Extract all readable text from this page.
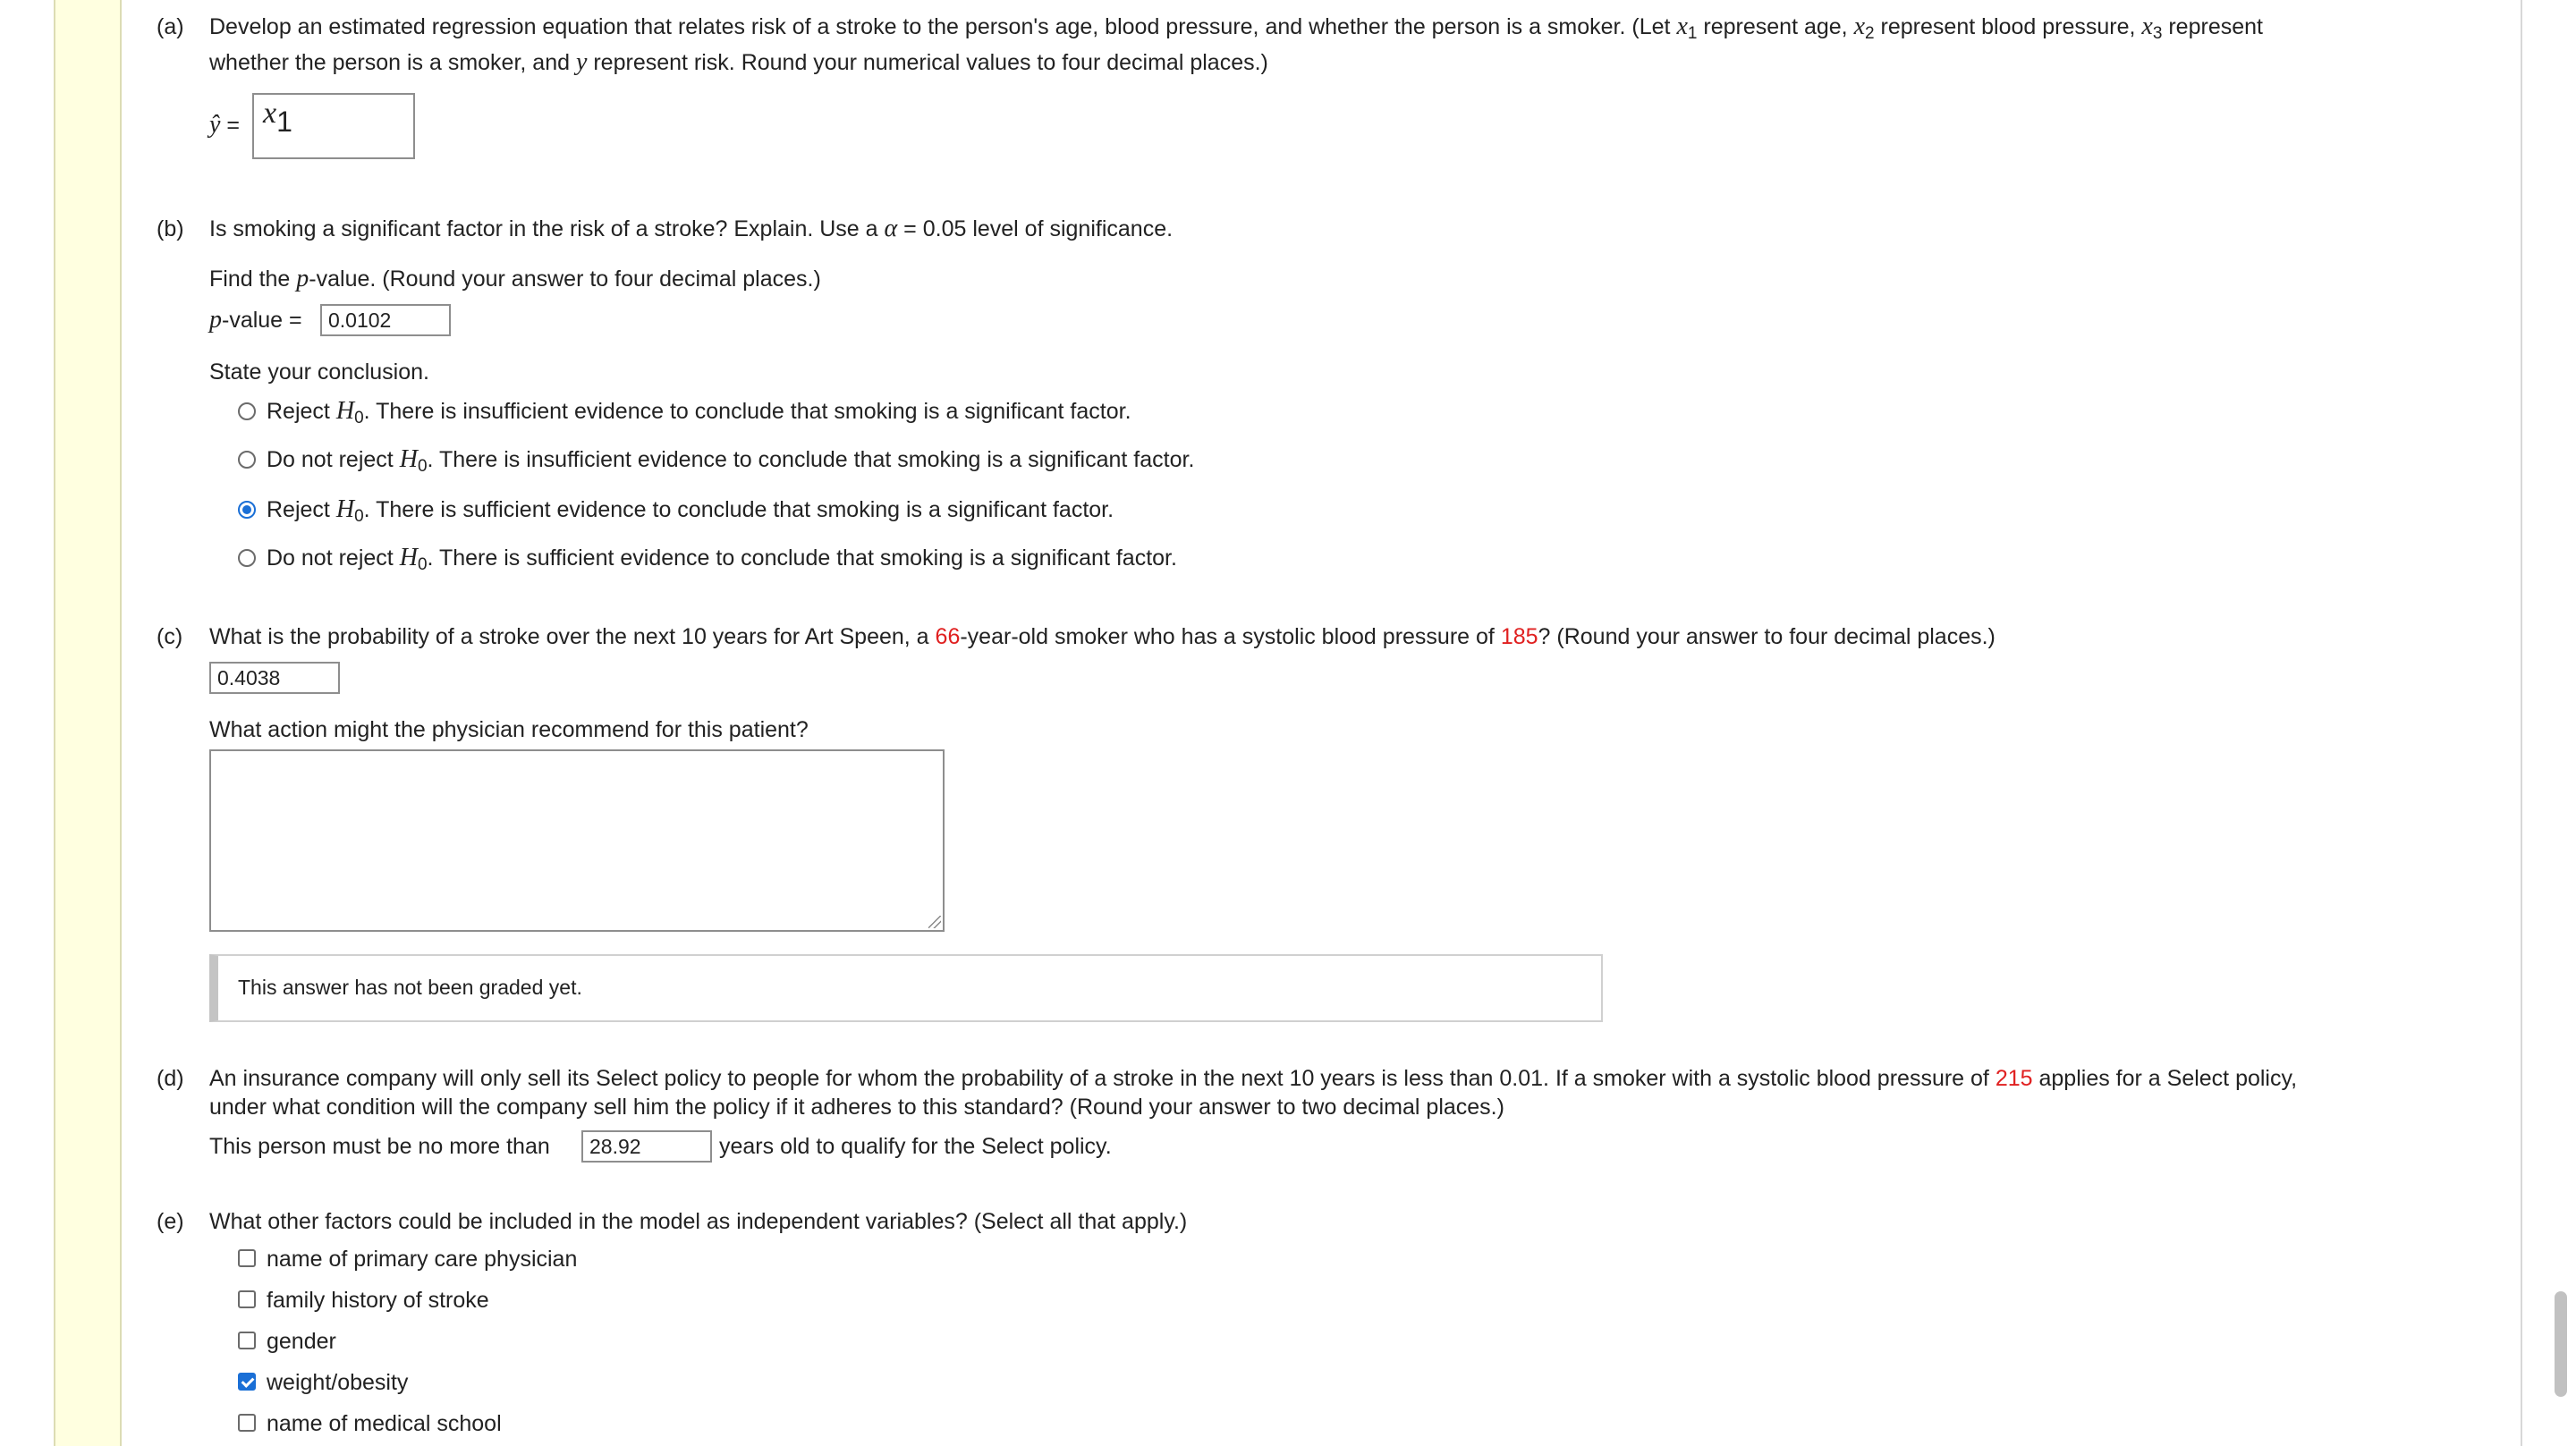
(a) Develop an estimated regression equation that relates risk of a stroke to the person's age, blood pressure, and whether the person is a smoker. (Let $x_1$ represent age, $x_2$ represent blood pressure, $x_3$ represent
whether the person is a smoker, and y represent risk. Round your numerical values to four decimal places.)
ŷ = x1
(b) Is smoking a significant factor in the risk of a stroke? Explain. Use a α = 0.05 level of significance.
Find the p-value. (Round your answer to four decimal places.)
p-value =	0.0102
State your conclusion.
Reject $H_0$. There is insufficient evidence to conclude that smoking is a significant factor.
Do not reject $H_0$. There is insufficient evidence to conclude that smoking is a significant factor.
Reject $H_0$. There is sufficient evidence to conclude that smoking is a significant factor.
Do not reject $H_0$. There is sufficient evidence to conclude that smoking is a significant factor.
(c) What is the probability of a stroke over the next 10 years for Art Speen, a 66-year-old smoker who has a systolic blood pressure of 185? (Round your answer to four decimal places.)
0.4038
What action might the physician recommend for this patient?
This answer has not been graded yet.
(d) An insurance company will only sell its Select policy to people for whom the probability of a stroke in the next 10 years is less than 0.01. If a smoker with a systolic blood pressure of 215 applies for a Select policy,
under what condition will the company sell him the policy if it adheres to this standard? (Round your answer to two decimal places.)
This person must be no more than	28.92	years old to qualify for the Select policy.
(e) What other factors could be included in the model as independent variables? (Select all that apply.)
name of primary care physician
family history of stroke
gender
weight/obesity
name of medical school
